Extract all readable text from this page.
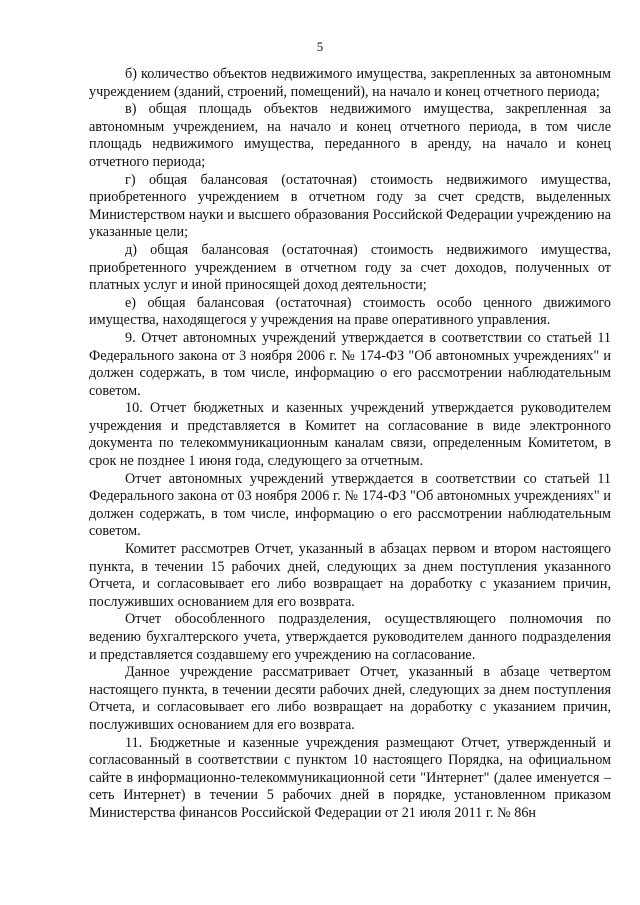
5

б) количество объектов недвижимого имущества, закрепленных за автономным учреждением (зданий, строений, помещений), на начало и конец отчетного периода;

в) общая площадь объектов недвижимого имущества, закрепленная за автономным учреждением, на начало и конец отчетного периода, в том числе площадь недвижимого имущества, переданного в аренду, на начало и конец отчетного периода;

г) общая балансовая (остаточная) стоимость недвижимого имущества, приобретенного учреждением в отчетном году за счет средств, выделенных Министерством науки и высшего образования Российской Федерации учреждению на указанные цели;

д) общая балансовая (остаточная) стоимость недвижимого имущества, приобретенного учреждением в отчетном году за счет доходов, полученных от платных услуг и иной приносящей доход деятельности;

е) общая балансовая (остаточная) стоимость особо ценного движимого имущества, находящегося у учреждения на праве оперативного управления.

9. Отчет автономных учреждений утверждается в соответствии со статьей 11 Федерального закона от 3 ноября 2006 г. № 174-ФЗ "Об автономных учреждениях" и должен содержать, в том числе, информацию о его рассмотрении наблюдательным советом.

10. Отчет бюджетных и казенных учреждений утверждается руководителем учреждения и представляется в Комитет на согласование в виде электронного документа по телекоммуникационным каналам связи, определенным Комитетом, в срок не позднее 1 июня года, следующего за отчетным.

Отчет автономных учреждений утверждается в соответствии со статьей 11 Федерального закона от 03 ноября 2006 г. № 174-ФЗ "Об автономных учреждениях" и должен содержать, в том числе, информацию о его рассмотрении наблюдательным советом.

Комитет рассмотрев Отчет, указанный в абзацах первом и втором настоящего пункта, в течении 15 рабочих дней, следующих за днем поступления указанного Отчета, и согласовывает его либо возвращает на доработку с указанием причин, послуживших основанием для его возврата.

Отчет обособленного подразделения, осуществляющего полномочия по ведению бухгалтерского учета, утверждается руководителем данного подразделения и представляется создавшему его учреждению на согласование.

Данное учреждение рассматривает Отчет, указанный в абзаце четвертом настоящего пункта, в течении десяти рабочих дней, следующих за днем поступления Отчета, и согласовывает его либо возвращает на доработку с указанием причин, послуживших основанием для его возврата.

11. Бюджетные и казенные учреждения размещают Отчет, утвержденный и согласованный в соответствии с пунктом 10 настоящего Порядка, на официальном сайте в информационно-телекоммуникационной сети "Интернет" (далее именуется – сеть Интернет) в течении 5 рабочих дней в порядке, установленном приказом Министерства финансов Российской Федерации от 21 июля 2011 г. № 86н
